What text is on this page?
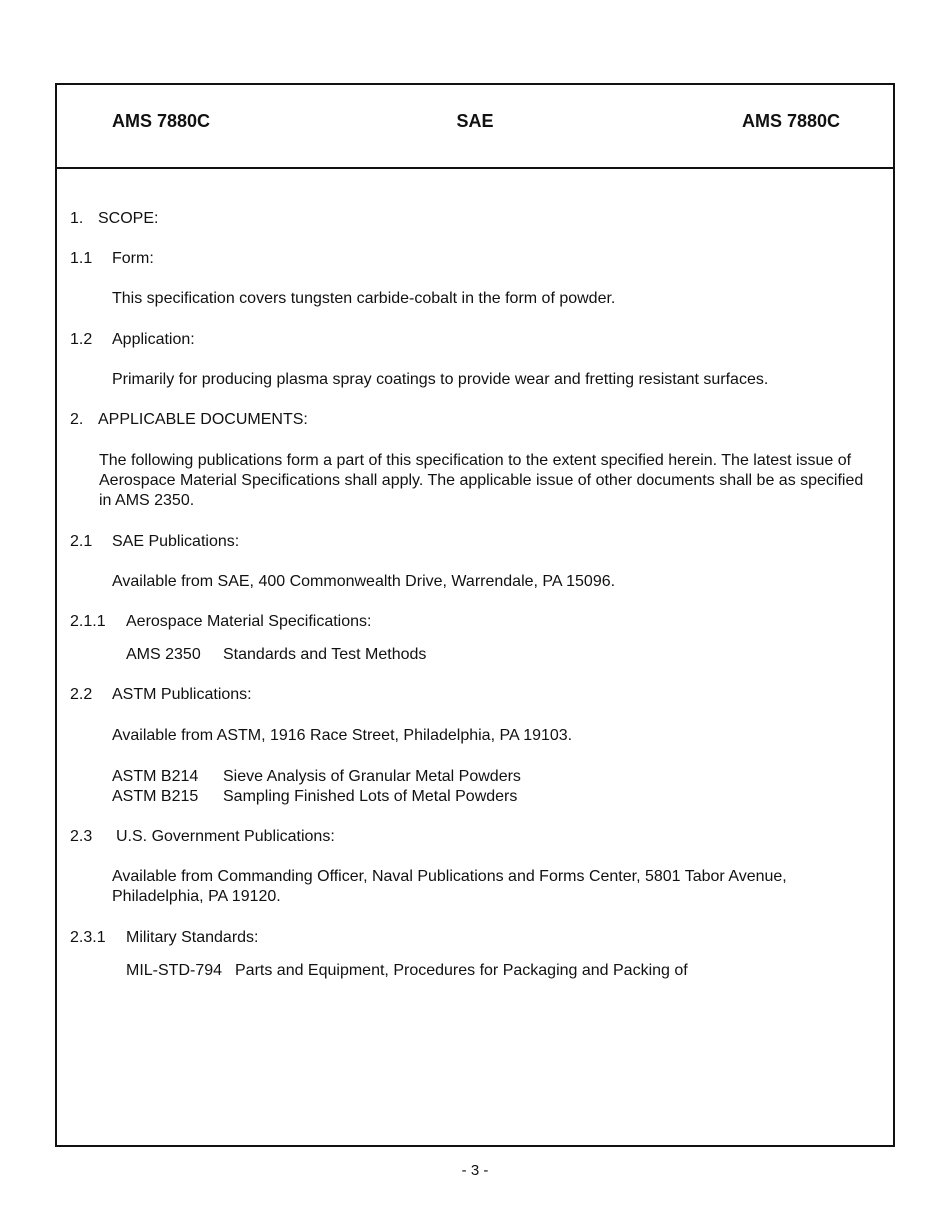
AMS 7880C	SAE	AMS 7880C
1. SCOPE:
1.1 Form:
This specification covers tungsten carbide-cobalt in the form of powder.
1.2 Application:
Primarily for producing plasma spray coatings to provide wear and fretting resistant surfaces.
2. APPLICABLE DOCUMENTS:
The following publications form a part of this specification to the extent specified herein. The latest issue of Aerospace Material Specifications shall apply. The applicable issue of other documents shall be as specified in AMS 2350.
2.1 SAE Publications:
Available from SAE, 400 Commonwealth Drive, Warrendale, PA 15096.
2.1.1 Aerospace Material Specifications:
AMS 2350 Standards and Test Methods
2.2 ASTM Publications:
Available from ASTM, 1916 Race Street, Philadelphia, PA 19103.
ASTM B214 Sieve Analysis of Granular Metal Powders
ASTM B215 Sampling Finished Lots of Metal Powders
2.3 U.S. Government Publications:
Available from Commanding Officer, Naval Publications and Forms Center, 5801 Tabor Avenue, Philadelphia, PA 19120.
2.3.1 Military Standards:
MIL-STD-794 Parts and Equipment, Procedures for Packaging and Packing of
- 3 -
